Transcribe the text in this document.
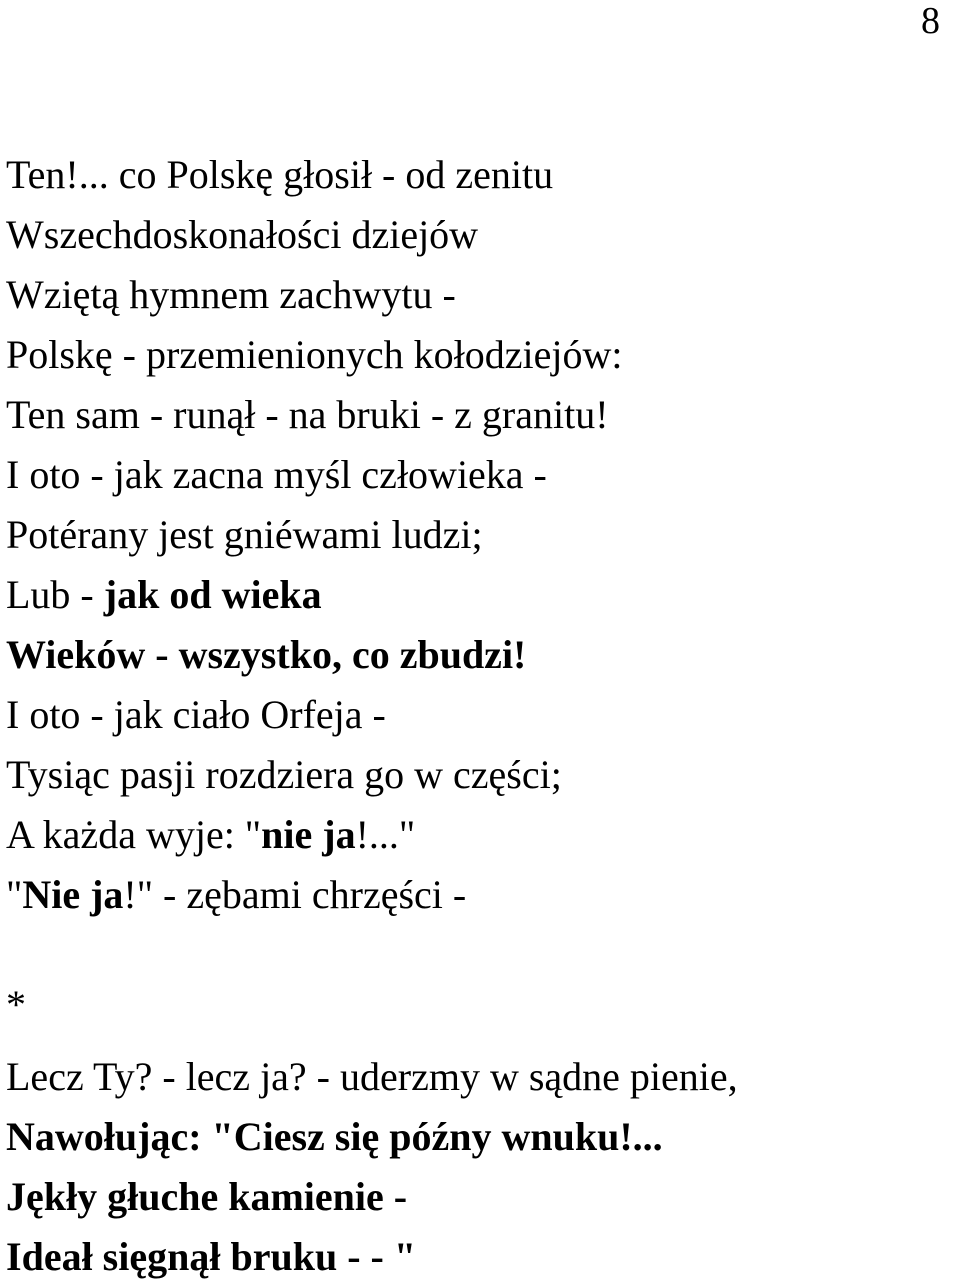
8
Ten!... co Polskę głosił - od zenitu
Wszechdoskonałości dziejów
Wziętą hymnem zachwytu -
Polskę - przemienionych kołodziejów:
Ten sam - runął - na bruki - z granitu!
I oto - jak zacna myśl człowieka -
Potérany jest gniéwami ludzi;
Lub - jak od wieka
Wieków - wszystko, co zbudzi!
I oto - jak ciało Orfeja -
Tysiąc pasji rozdziera go w części;
A każda wyje: "nie ja!..."
"Nie ja!" - zębami chrzęści -
*
Lecz Ty? - lecz ja? - uderzmy w sądne pienie,
Nawołując: "Ciesz się późny wnuku!...
Jękły głuche kamienie -
Ideał sięgnął bruku - - "
